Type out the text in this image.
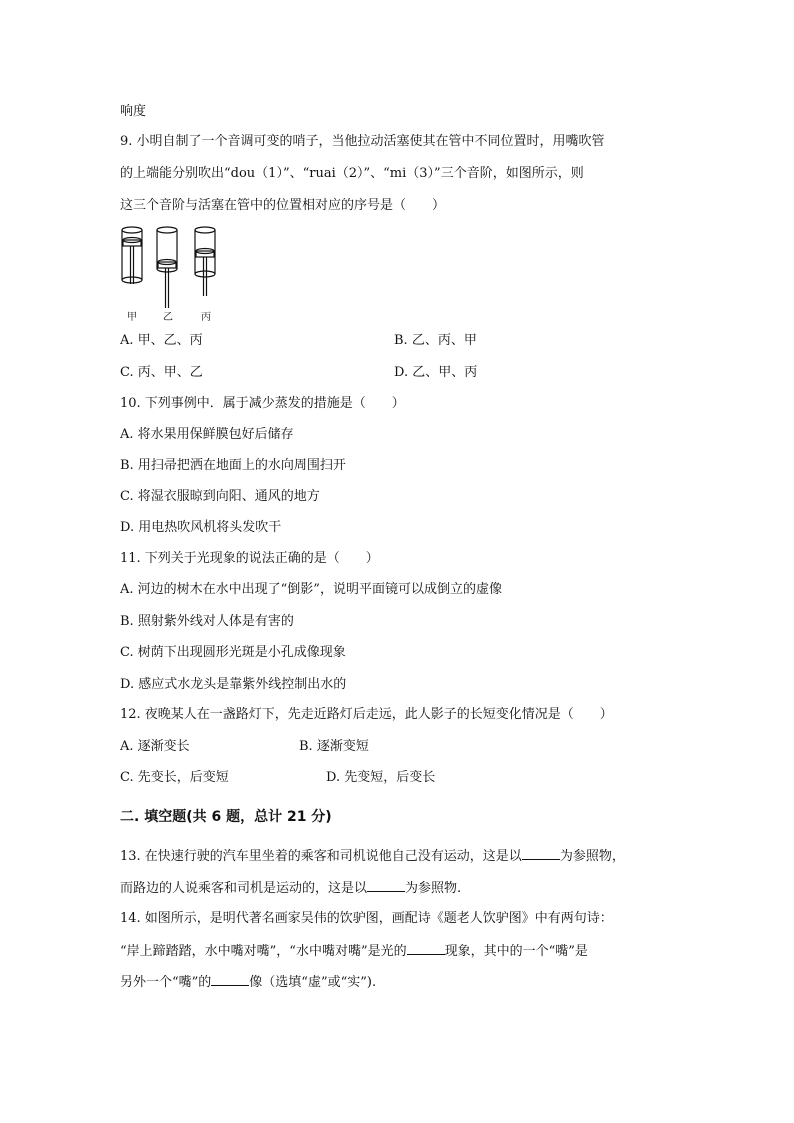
响度
9. 小明自制了一个音调可变的哨子，当他拉动活塞使其在管中不同位置时，用嘴吹管
的上端能分别吹出“dou（1）”、“ruai（2）”、“mi（3）”三个音阶，如图所示，则
这三个音阶与活塞在管中的位置相对应的序号是（　　）
甲	乙	丙
A. 甲、乙、丙	B. 乙、丙、甲
C. 丙、甲、乙	D. 乙、甲、丙
10. 下列事例中．属于减少蒸发的措施是（　　）
A. 将水果用保鲜膜包好后储存
B. 用扫帚把洒在地面上的水向周围扫开
C. 将湿衣服晾到向阳、通风的地方
D. 用电热吹风机将头发吹干
11. 下列关于光现象的说法正确的是（　　）
A. 河边的树木在水中出现了“倒影”，说明平面镜可以成倒立的虚像
B. 照射紫外线对人体是有害的
C. 树荫下出现圆形光斑是小孔成像现象
D. 感应式水龙头是靠紫外线控制出水的
12. 夜晚某人在一盏路灯下，先走近路灯后走远，此人影子的长短变化情况是（　　）
A. 逐渐变长	B. 逐渐变短
C. 先变长，后变短	D. 先变短，后变长
二. 填空题(共 6 题，总计 21 分)
13. 在快速行驶的汽车里坐着的乘客和司机说他自己没有运动，这是以	为参照物，
而路边的人说乘客和司机是运动的，这是以	为参照物.
14. 如图所示，是明代著名画家吴伟的饮驴图，画配诗《题老人饮驴图》中有两句诗：
“岸上蹄踏踏，水中嘴对嘴”，“水中嘴对嘴”是光的	现象，其中的一个“嘴”是
另外一个“嘴”的	像（选填“虚”或“实”).
